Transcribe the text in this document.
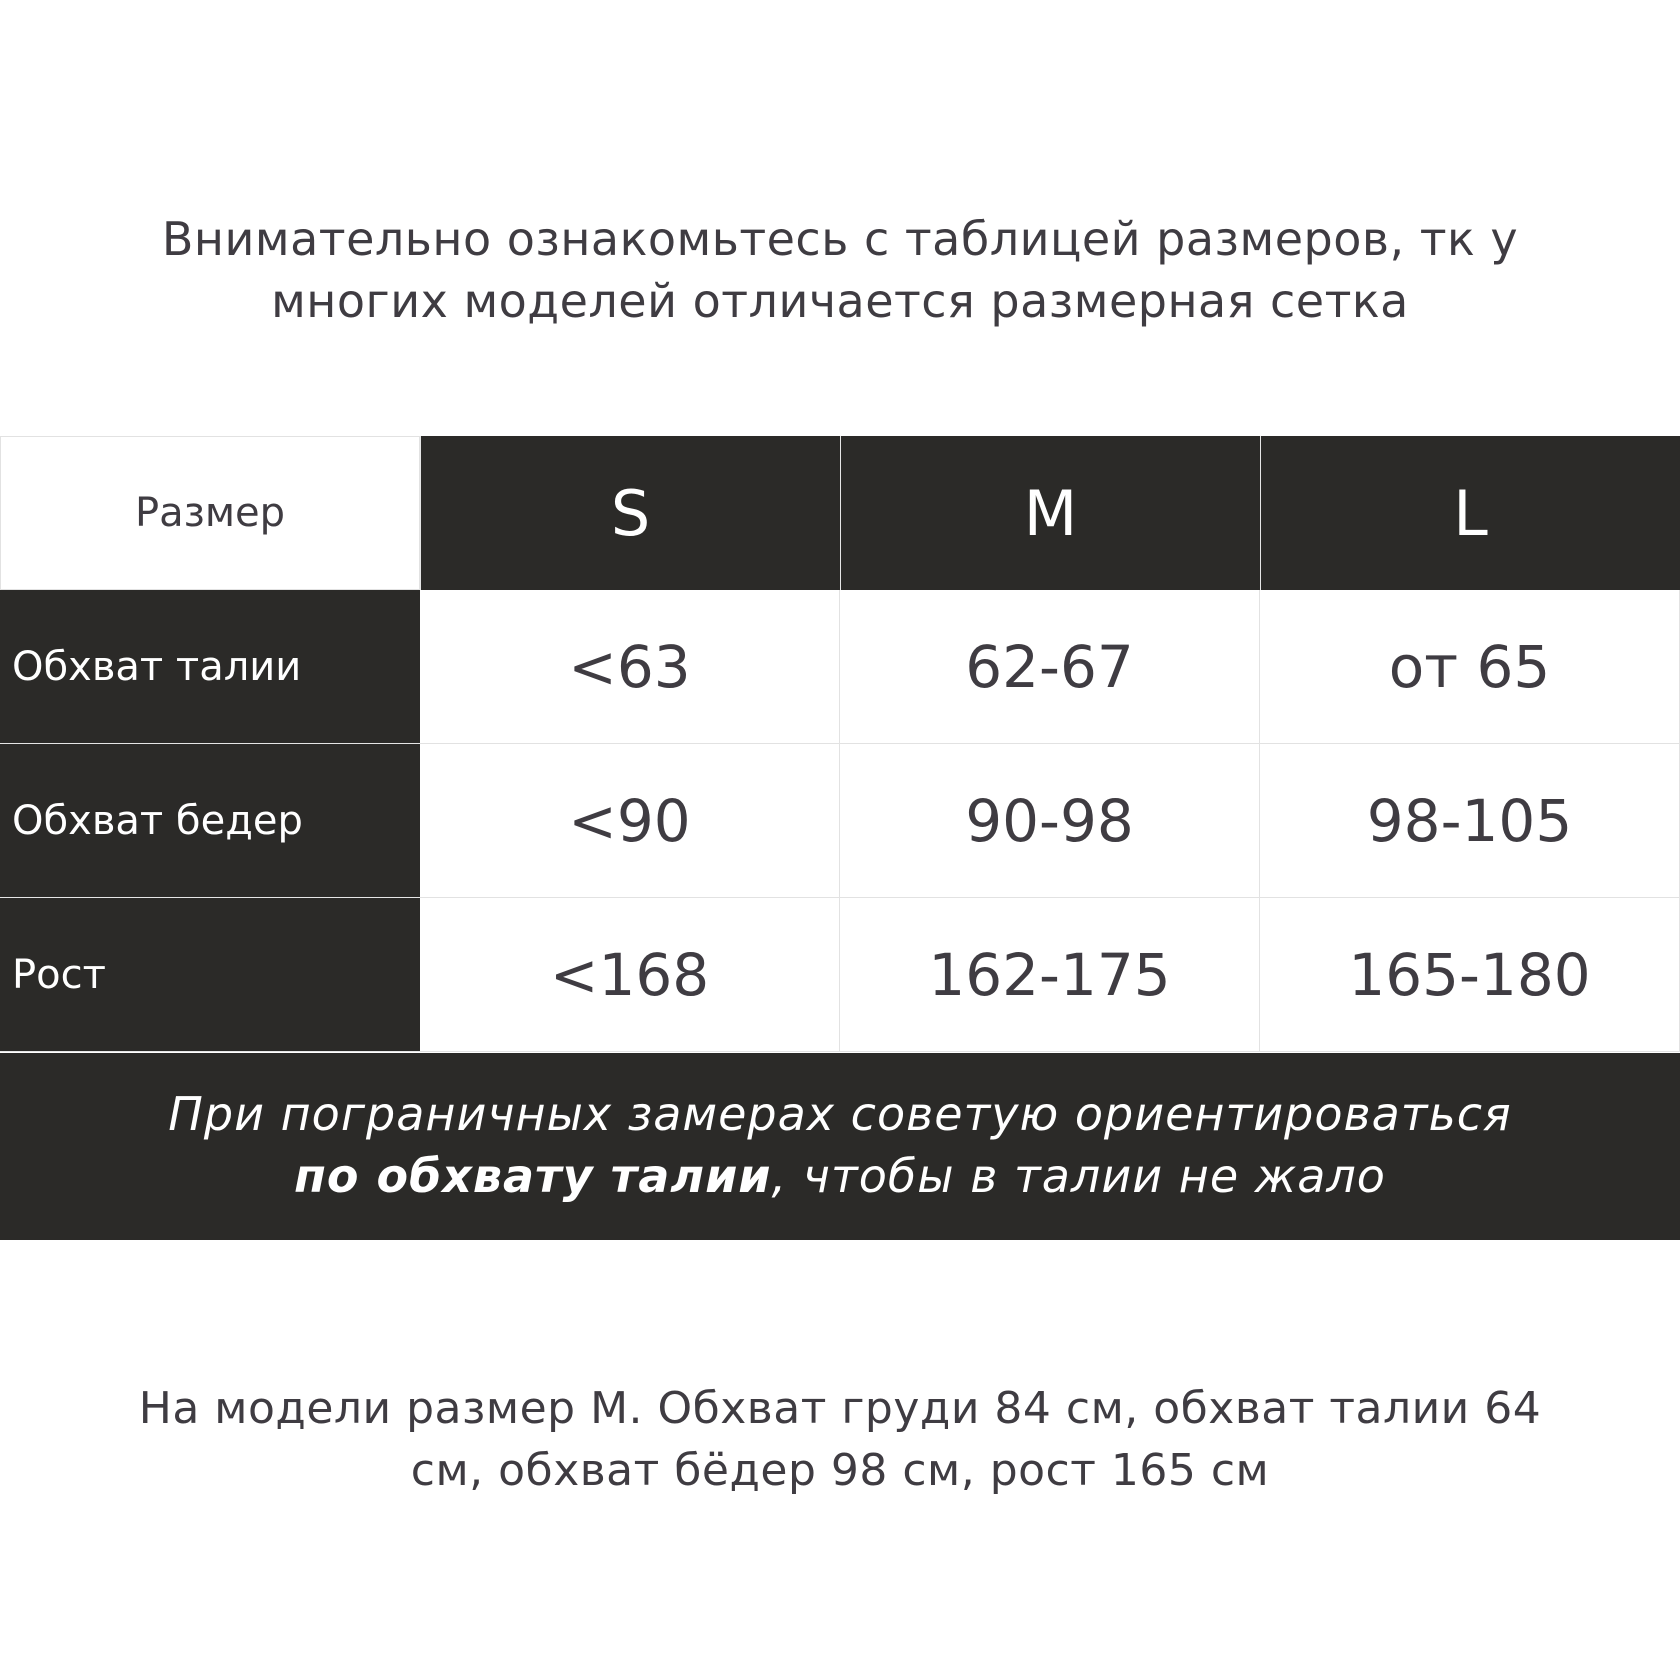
Внимательно ознакомьтесь с таблицей размеров, тк у
многих моделей отличается размерная сетка
Размер	S	M	L
Обхват талии	<63	62-67	от 65
Обхват бедер	<90	90-98	98-105
Рост	<168	162-175	165-180
При пограничных замерах советую ориентироваться
по обхвату талии, чтобы в талии не жало
На модели размер М. Обхват груди 84 см, обхват талии 64
см, обхват бёдер 98 см, рост 165 см
